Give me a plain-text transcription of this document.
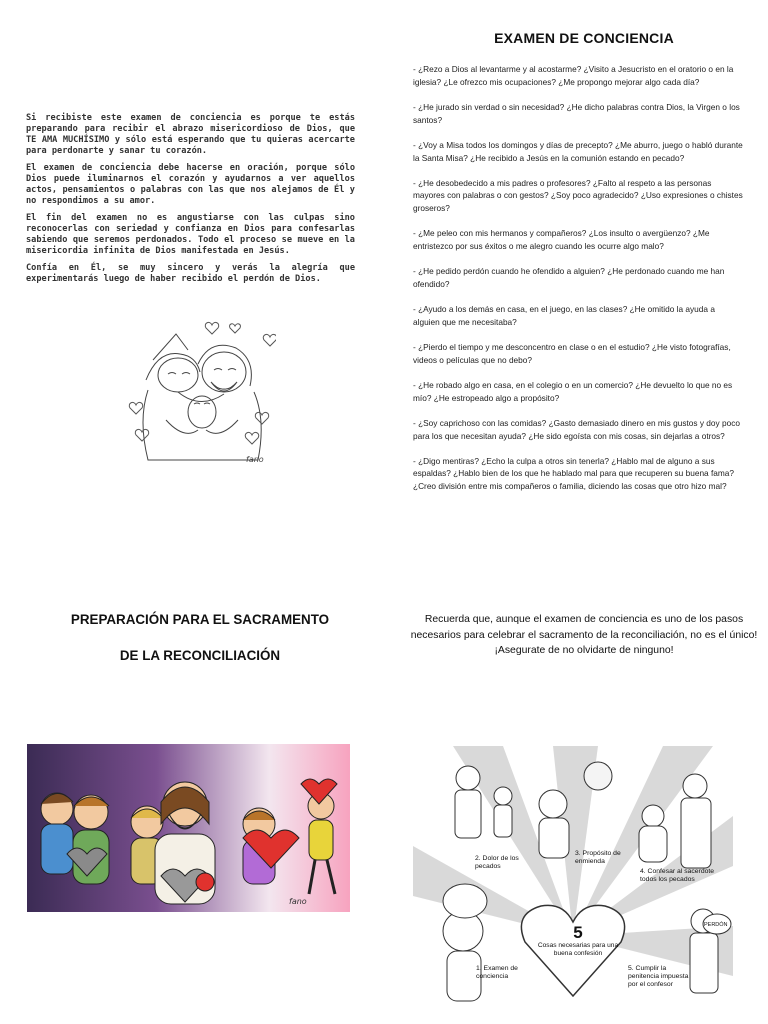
Si recibiste este examen de conciencia es porque te estás preparando para recibir el abrazo misericordioso de Dios, que TE AMA MUCHÍSIMO y sólo está esperando que tu quieras acercarte para perdonarte y sanar tu corazón.

El examen de conciencia debe hacerse en oración, porque sólo Dios puede iluminarnos el corazón y ayudarnos a ver aquellos actos, pensamientos o palabras con las que nos alejamos de Él y no respondimos a su amor.

El fin del examen no es angustiarse con las culpas sino reconocerlas con seriedad y confianza en Dios para confesarlas sabiendo que seremos perdonados. Todo el proceso se mueve en la misericordia infinita de Dios manifestada en Jesús.

Confía en Él, se muy sincero y verás la alegría que experimentarás luego de haber recibido el perdón de Dios.

fano
EXAMEN DE CONCIENCIA

- ¿Rezo a Dios al levantarme y al acostarme? ¿Visito a Jesucristo en el oratorio o en la iglesia? ¿Le ofrezco mis ocupaciones? ¿Me propongo mejorar algo cada día?

- ¿He jurado sin verdad o sin necesidad? ¿He dicho palabras contra Dios, la Virgen o los santos?

- ¿Voy a Misa todos los domingos y días de precepto? ¿Me aburro, juego o habló durante la Santa Misa? ¿He recibido a Jesús en la comunión estando en pecado?

- ¿He desobedecido a mis padres o profesores? ¿Falto al respeto a las personas mayores con palabras o con gestos? ¿Soy poco agradecido? ¿Uso expresiones o chistes groseros?

- ¿Me peleo con mis hermanos y compañeros? ¿Los insulto o avergüenzo? ¿Me entristezco por sus éxitos o me alegro cuando les ocurre algo malo?

- ¿He pedido perdón cuando he ofendido a alguien? ¿He perdonado cuando me han ofendido?

- ¿Ayudo a los demás en casa, en el juego, en las clases? ¿He omitido la ayuda a alguien que me necesitaba?

- ¿Pierdo el tiempo y me desconcentro en clase o en el estudio? ¿He visto fotografías, videos o películas que no debo?

- ¿He robado algo en casa, en el colegio o en un comercio? ¿He devuelto lo que no es mío? ¿He estropeado algo a propósito?

- ¿Soy caprichoso con las comidas? ¿Gasto demasiado dinero en mis gustos y doy poco para los que necesitan ayuda? ¿He sido egoísta con mis cosas, sin dejarlas a otros?

- ¿Digo mentiras? ¿Echo la culpa a otros sin tenerla? ¿Hablo mal de alguno a sus espaldas? ¿Hablo bien de los que he hablado mal para que recuperen su buena fama? ¿Creo división entre mis compañeros o familia, diciendo las cosas que otro hizo mal?

PREPARACIÓN PARA EL SACRAMENTO
DE LA RECONCILIACIÓN
Recuerda que, aunque el examen de conciencia es uno de los pasos necesarios para celebrar el sacramento de la reconciliación, no es el único!
¡Asegurate de no olvidarte de ninguno!
fano
5
Cosas necesarias para una buena confesión
1. Examen de conciencia
2. Dolor de los pecados
3. Propósito de enmienda
4. Confesar al sacerdote todos los pecados
5. Cumplir la penitencia impuesta por el confesor
PERDÓN
